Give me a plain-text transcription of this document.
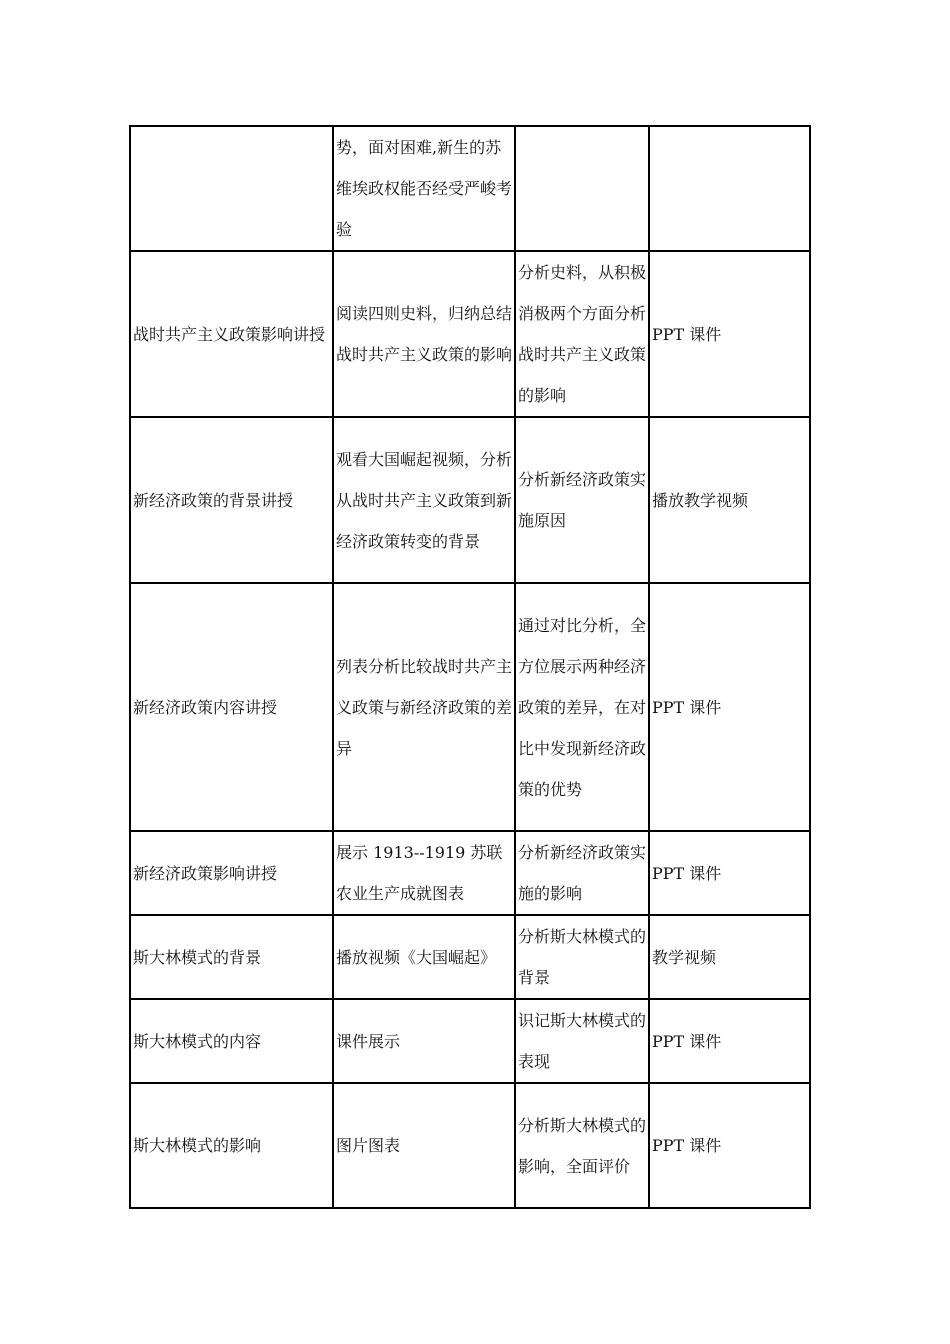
	势，面对困难,新生的苏维埃政权能否经受严峻考验		
战时共产主义政策影响讲授	阅读四则史料，归纳总结战时共产主义政策的影响	分析史料，从积极消极两个方面分析战时共产主义政策的影响	PPT 课件
新经济政策的背景讲授	观看大国崛起视频，分析从战时共产主义政策到新经济政策转变的背景	分析新经济政策实施原因	播放教学视频
新经济政策内容讲授	列表分析比较战时共产主义政策与新经济政策的差异	通过对比分析，全方位展示两种经济政策的差异，在对比中发现新经济政策的优势	PPT 课件
新经济政策影响讲授	展示 1913--1919 苏联农业生产成就图表	分析新经济政策实施的影响	PPT 课件
斯大林模式的背景	播放视频《大国崛起》	分析斯大林模式的背景	教学视频
斯大林模式的内容	课件展示	识记斯大林模式的表现	PPT 课件
斯大林模式的影响	图片图表	分析斯大林模式的影响，全面评价	PPT 课件
